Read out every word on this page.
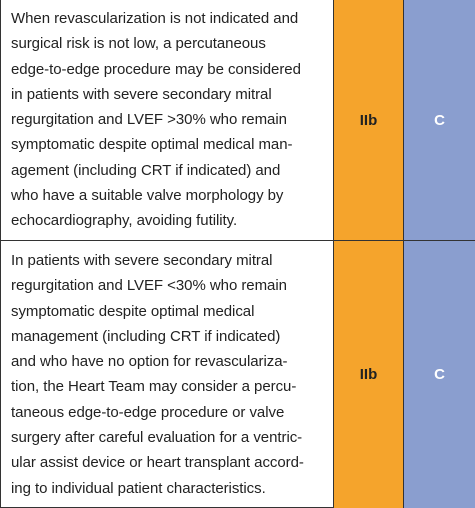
When revascularization is not indicated and
surgical risk is not low, a percutaneous
edge-to-edge procedure may be considered
in patients with severe secondary mitral
regurgitation and LVEF >30% who remain
symptomatic despite optimal medical man-
agement (including CRT if indicated) and
who have a suitable valve morphology by
echocardiography, avoiding futility.
IIb	C
In patients with severe secondary mitral
regurgitation and LVEF <30% who remain
symptomatic despite optimal medical
management (including CRT if indicated)
and who have no option for revasculariza-
tion, the Heart Team may consider a percu-
taneous edge-to-edge procedure or valve
surgery after careful evaluation for a ventric-
ular assist device or heart transplant accord-
ing to individual patient characteristics.
IIb	C
